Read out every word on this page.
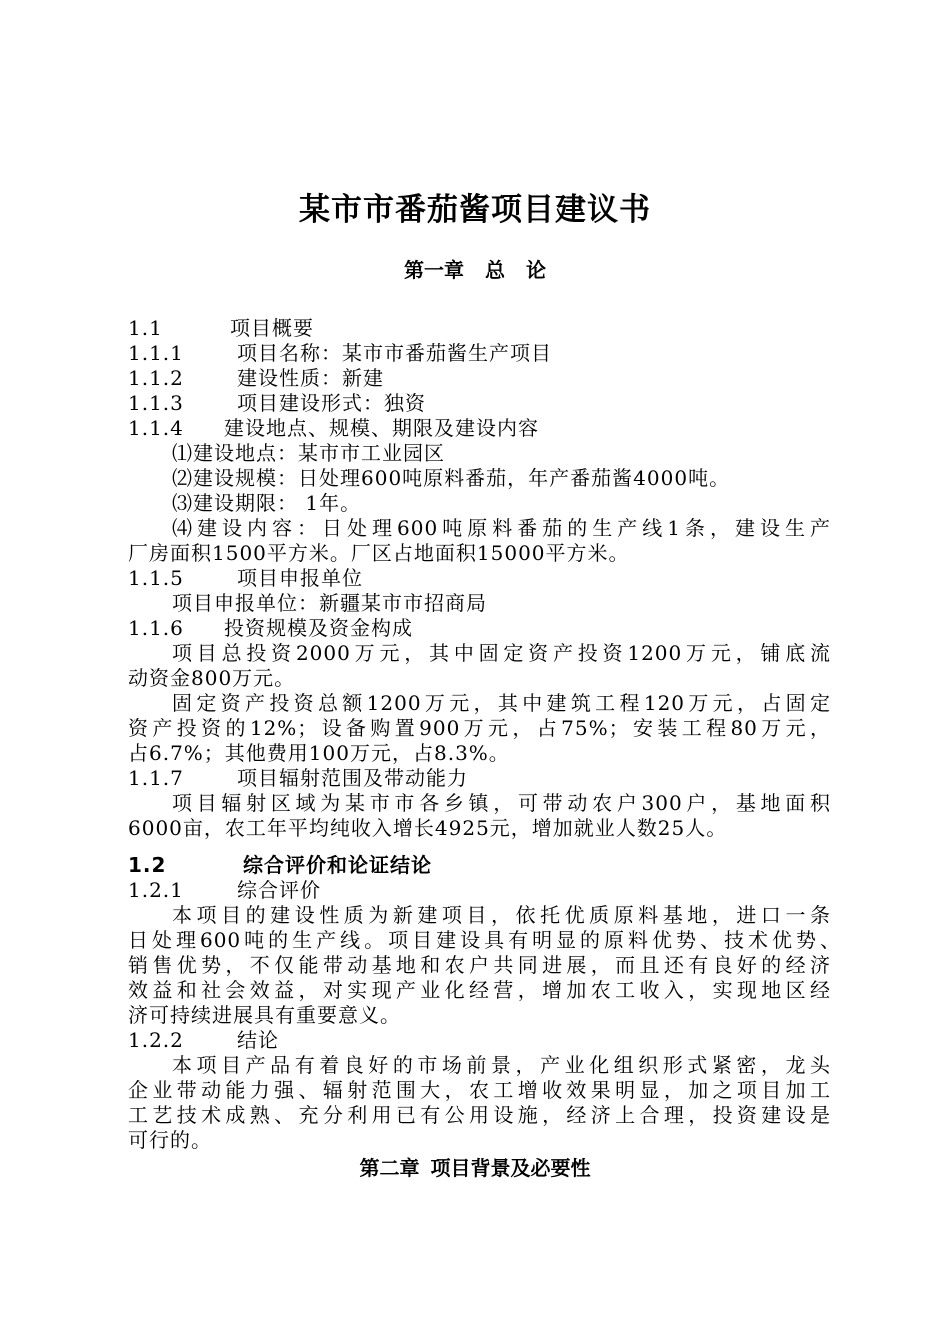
某市市番茄酱项目建议书
第一章 总 论
1.1	项目概要
1.1.1	项目名称：某市市番茄酱生产项目
1.1.2	建设性质：新建
1.1.3	项目建设形式：独资
1.1.4 建设地点、规模、期限及建设内容
⑴建设地点：某市市工业园区
⑵建设规模：日处理600吨原料番茄，年产番茄酱4000吨。
⑶建设期限： 1年。
⑷建设内容：日处理600吨原料番茄的生产线1条，建设生产
厂房面积1500平方米。厂区占地面积15000平方米。
1.1.5	项目申报单位
项目申报单位：新疆某市市招商局
1.1.6 投资规模及资金构成
项目总投资2000万元，其中固定资产投资1200万元，铺底流
动资金800万元。
固定资产投资总额1200万元，其中建筑工程120万元，占固定
资产投资的12%；设备购置900万元，占75%；安装工程80万元，
占6.7%；其他费用100万元，占8.3%。
1.1.7	项目辐射范围及带动能力
项目辐射区域为某市市各乡镇，可带动农户300户，基地面积
6000亩，农工年平均纯收入增长4925元，增加就业人数25人。
1.2	综合评价和论证结论
1.2.1	综合评价
本项目的建设性质为新建项目，依托优质原料基地，进口一条
日处理600吨的生产线。项目建设具有明显的原料优势、技术优势、
销售优势，不仅能带动基地和农户共同进展，而且还有良好的经济
效益和社会效益，对实现产业化经营，增加农工收入，实现地区经
济可持续进展具有重要意义。
1.2.2	结论
本项目产品有着良好的市场前景，产业化组织形式紧密，龙头
企业带动能力强、辐射范围大，农工增收效果明显，加之项目加工
工艺技术成熟、充分利用已有公用设施，经济上合理，投资建设是
可行的。
第二章 项目背景及必要性
